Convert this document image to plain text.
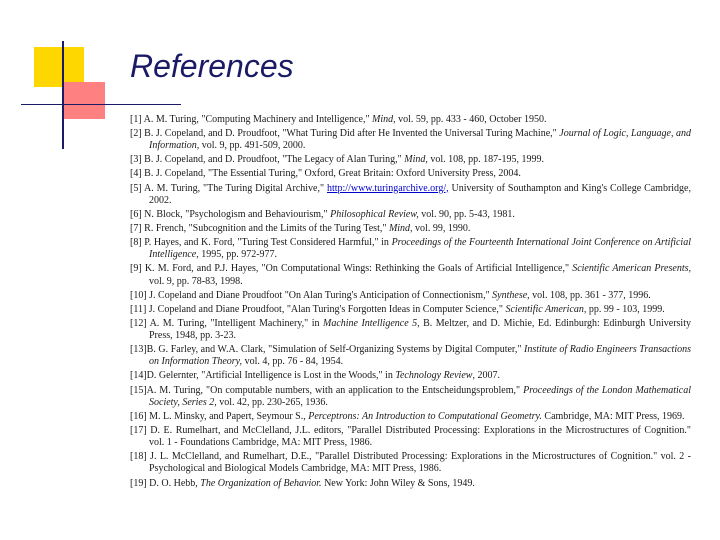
References
[1] A. M. Turing, "Computing Machinery and Intelligence," Mind, vol. 59, pp. 433 - 460, October 1950.
[2] B. J. Copeland, and D. Proudfoot, "What Turing Did after He Invented the Universal Turing Machine," Journal of Logic, Language, and Information, vol. 9, pp. 491-509, 2000.
[3] B. J. Copeland, and D. Proudfoot, "The Legacy of Alan Turing," Mind, vol. 108, pp. 187-195, 1999.
[4] B. J. Copeland, "The Essential Turing," Oxford, Great Britain: Oxford University Press, 2004.
[5] A. M. Turing, "The Turing Digital Archive," http://www.turingarchive.org/, University of Southampton and King's College Cambridge, 2002.
[6] N. Block, "Psychologism and Behaviourism," Philosophical Review, vol. 90, pp. 5-43, 1981.
[7] R. French, "Subcognition and the Limits of the Turing Test," Mind, vol. 99, 1990.
[8] P. Hayes, and K. Ford, "Turing Test Considered Harmful," in Proceedings of the Fourteenth International Joint Conference on Artificial Intelligence, 1995, pp. 972-977.
[9] K. M. Ford, and P.J. Hayes, "On Computational Wings: Rethinking the Goals of Artificial Intelligence," Scientific American Presents, vol. 9, pp. 78-83, 1998.
[10] J. Copeland and Diane Proudfoot "On Alan Turing's Anticipation of Connectionism," Synthese, vol. 108, pp. 361 - 377, 1996.
[11] J. Copeland and Diane Proudfoot, "Alan Turing's Forgotten Ideas in Computer Science," Scientific American, pp. 99 - 103, 1999.
[12] A. M. Turing, "Intelligent Machinery," in Machine Intelligence 5, B. Meltzer, and D. Michie, Ed. Edinburgh: Edinburgh University Press, 1948, pp. 3-23.
[13]B. G. Farley, and W.A. Clark, "Simulation of Self-Organizing Systems by Digital Computer," Institute of Radio Engineers Transactions on Information Theory, vol. 4, pp. 76 - 84, 1954.
[14]D. Gelernter, "Artificial Intelligence is Lost in the Woods," in Technology Review, 2007.
[15]A. M. Turing, "On computable numbers, with an application to the Entscheidungsproblem," Proceedings of the London Mathematical Society, Series 2, vol. 42, pp. 230-265, 1936.
[16] M. L. Minsky, and Papert, Seymour S., Perceptrons: An Introduction to Computational Geometry. Cambridge, MA: MIT Press, 1969.
[17] D. E. Rumelhart, and McClelland, J.L. editors, "Parallel Distributed Processing: Explorations in the Microstructures of Cognition." vol. 1 - Foundations Cambridge, MA: MIT Press, 1986.
[18] J. L. McClelland, and Rumelhart, D.E., "Parallel Distributed Processing: Explorations in the Microstructures of Cognition." vol. 2 - Psychological and Biological Models Cambridge, MA: MIT Press, 1986.
[19] D. O. Hebb, The Organization of Behavior. New York: John Wiley & Sons, 1949.
